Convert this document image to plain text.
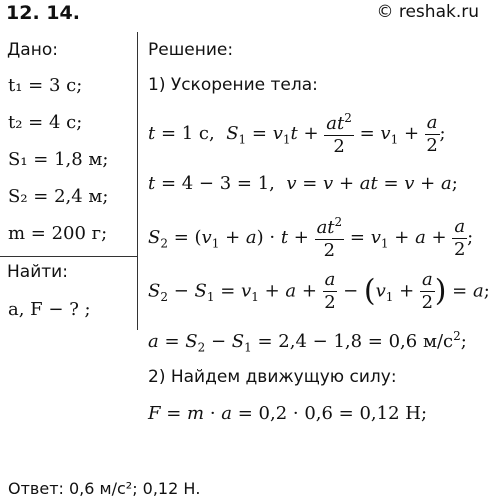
12. 14.	© reshak.ru
Дано:
t₁ = 3 с;
t₂ = 4 с;
S₁ = 1,8 м;
S₂ = 2,4 м;
m = 200 г;
Найти:
a, F − ? ;
Решение:
1) Ускорение тела:
t = 1 с,  $S_1 = v_1t + \frac{at^2}{2} = v_1 + \frac{a}{2}$ ;
t = 4 − 3 = 1,  v = v + at = v + a;
$S_2 = (v_1 + a) \cdot t + \frac{at^2}{2} = v_1 + a + \frac{a}{2}$ ;
$S_2 - S_1 = v_1 + a + \frac{a}{2} - (v_1 + \frac{a}{2}$ ) = a;
$a = S_2 - S_1 = 2,4 - 1,8 = 0,6$ $м/с^2$;
2) Найдем движущую силу:
F = m · a = 0,2 · 0,6 = 0,12 Н;
Ответ: 0,6 м/с²; 0,12 Н.
